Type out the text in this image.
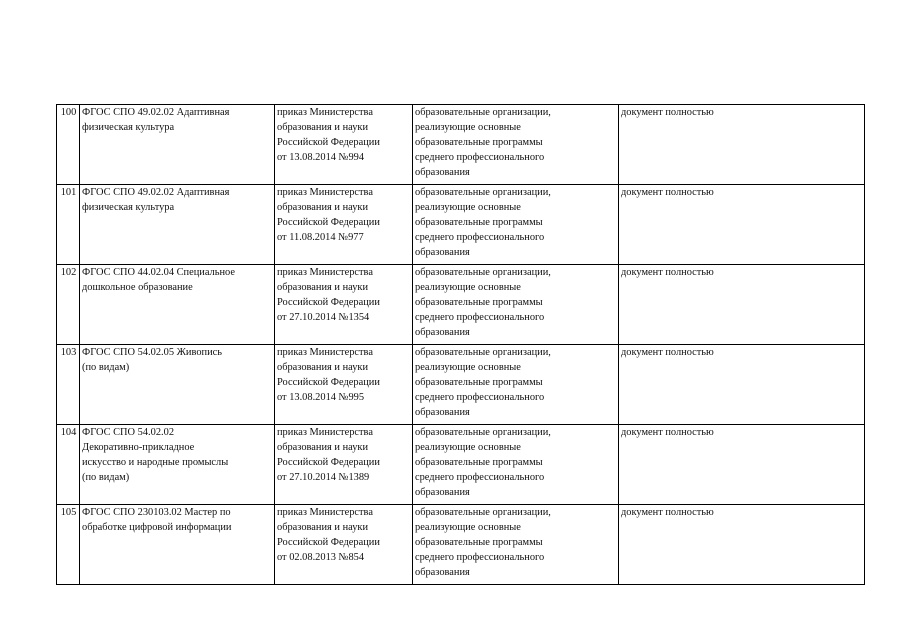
100	ФГОС СПО 49.02.02 Адаптивная
физическая культура	приказ Министерства
образования и науки
Российской Федерации
от 13.08.2014 №994	образовательные организации,
реализующие основные
образовательные программы
среднего профессионального
образования	документ полностью
101	ФГОС СПО 49.02.02 Адаптивная
физическая культура	приказ Министерства
образования и науки
Российской Федерации
от 11.08.2014 №977	образовательные организации,
реализующие основные
образовательные программы
среднего профессионального
образования	документ полностью
102	ФГОС СПО 44.02.04 Специальное
дошкольное образование	приказ Министерства
образования и науки
Российской Федерации
от 27.10.2014 №1354	образовательные организации,
реализующие основные
образовательные программы
среднего профессионального
образования	документ полностью
103	ФГОС СПО 54.02.05 Живопись
(по видам)	приказ Министерства
образования и науки
Российской Федерации
от 13.08.2014 №995	образовательные организации,
реализующие основные
образовательные программы
среднего профессионального
образования	документ полностью
104	ФГОС СПО 54.02.02
Декоративно-прикладное
искусство и народные промыслы
(по видам)	приказ Министерства
образования и науки
Российской Федерации
от 27.10.2014 №1389	образовательные организации,
реализующие основные
образовательные программы
среднего профессионального
образования	документ полностью
105	ФГОС СПО 230103.02 Мастер по
обработке цифровой информации	приказ Министерства
образования и науки
Российской Федерации
от 02.08.2013 №854	образовательные организации,
реализующие основные
образовательные программы
среднего профессионального
образования	документ полностью
